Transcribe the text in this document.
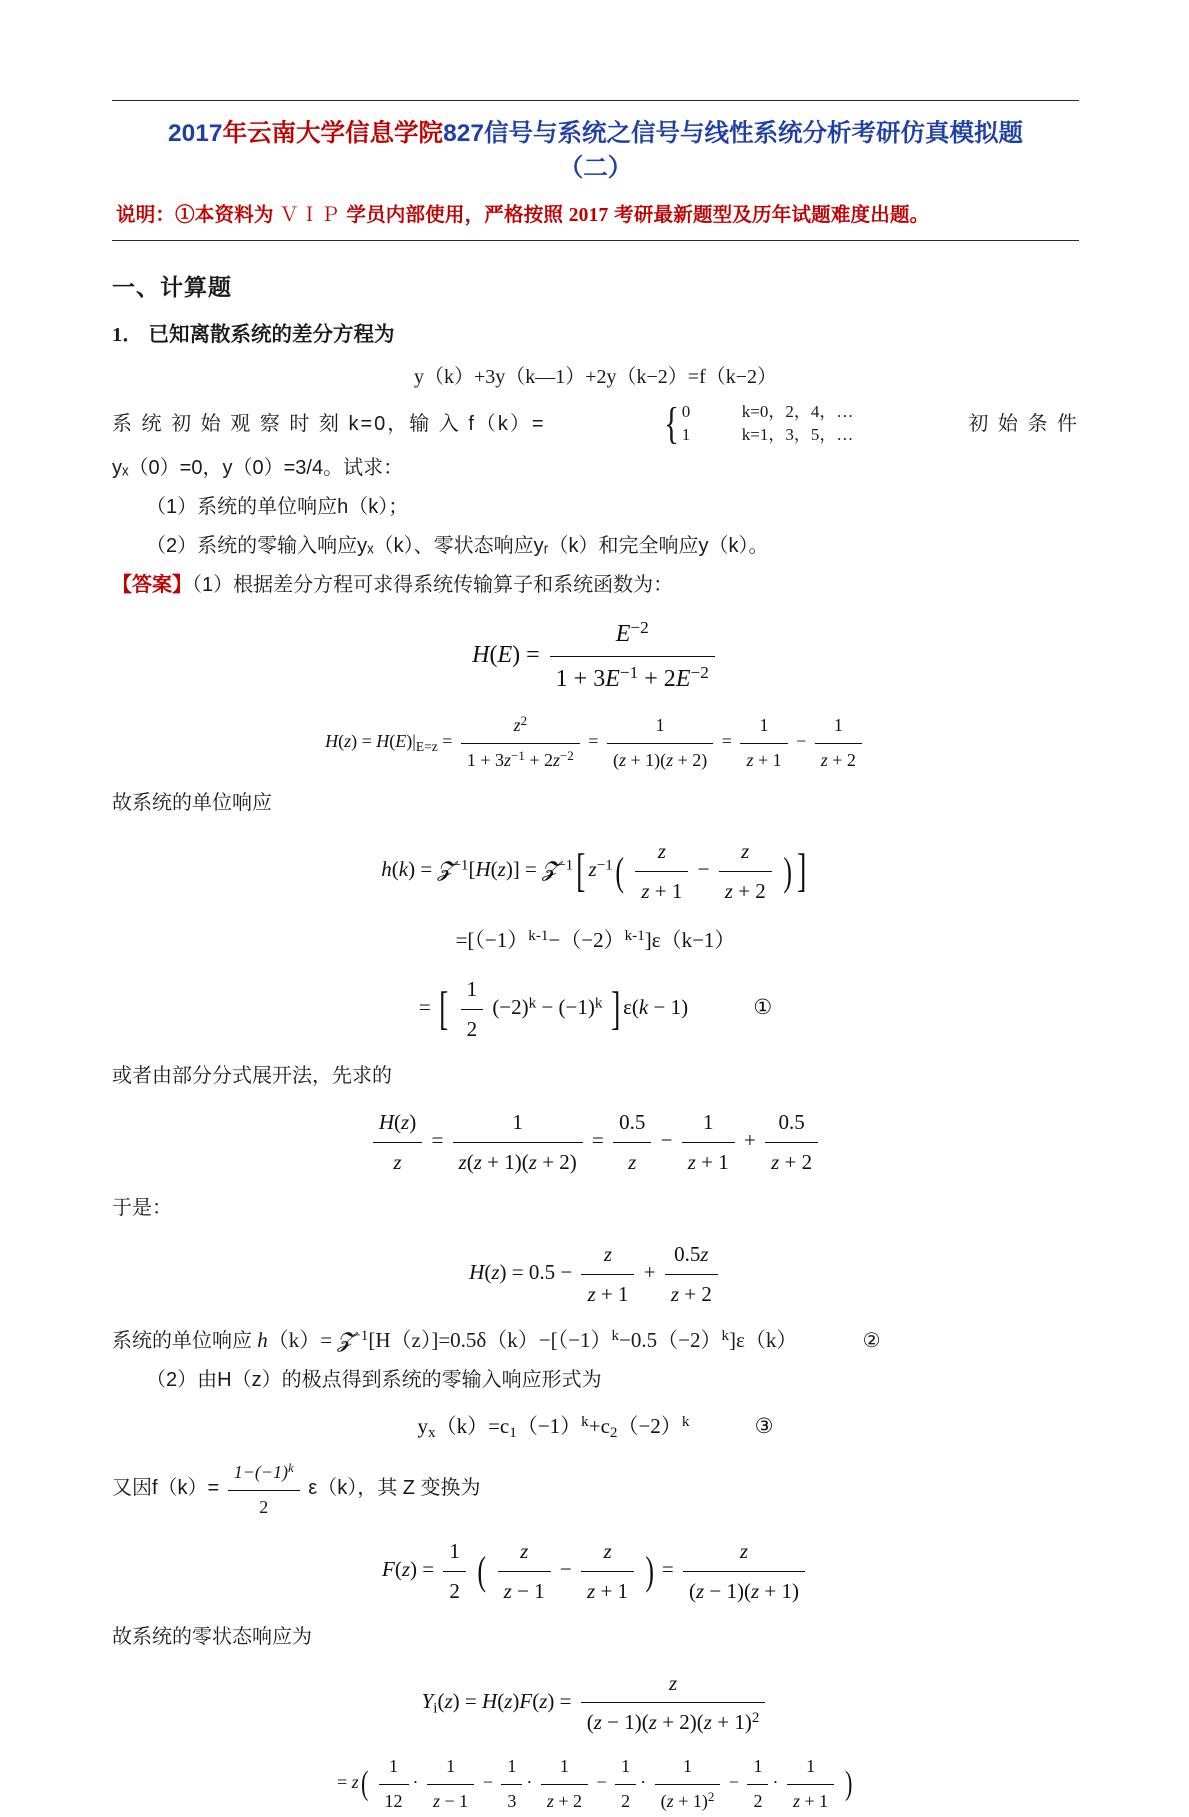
2017年云南大学信息学院827信号与系统之信号与线性系统分析考研仿真模拟题
（二）
说明：①本资料为 ＶＩＰ 学员内部使用，严格按照 2017 考研最新题型及历年试题难度出题。
一、计算题
1． 已知离散系统的差分方程为
y（k）+3y（k—1）+2y（k−2）=f（k−2）
系 统 初 始 观 察 时 刻 k=0，输 入 f（k）=	{ 0	k=0，2，4，…
1	k=1，3，5，…	初 始 条 件
yₓ（0）=0，y（0）=3/4。试求：
（1）系统的单位响应h（k）；
（2）系统的零输入响应yₓ（k）、零状态响应yᵣ（k）和完全响应y（k）。
【答案】（1）根据差分方程可求得系统传输算子和系统函数为：
$H(E) = \frac{E^{-2}}{1 + 3E^{-1} + 2E^{-2}}$
$H(z) = H(E)|_{E=z} = \frac{z^2}{1 + 3z^{-1} + 2z^{-2}} = \frac{1}{(z + 1)(z + 2)} = \frac{1}{z + 1} - \frac{1}{z + 2}$
故系统的单位响应
h(k) = 𝓩$^{-1}$[H(z)] = 𝓩$^{-1}$[ $z^{-1}( \frac{z}{z + 1} - \frac{z}{z + 2}$ ) ]
$=[(-1)^{k-1}-(-2)^{k-1}]\varepsilon(k-1)$
= [ $\frac{1}{2} (-2)^k - (-1)^k$ ] ε(k − 1)	①
或者由部分分式展开法，先求的
$\frac{H(z)}{z} = \frac{1}{z(z + 1)(z + 2)} = \frac{0.5}{z} - \frac{1}{z + 1} + \frac{0.5}{z + 2}$
于是：
$H(z) = 0.5 - \frac{z}{z + 1} + \frac{0.5z}{z + 2}$
系统的单位响应 $h(k)= 𝓩^{-1}[H(z)]=0.5\delta(k)-[(-1)^k-0.5(-2)^k]\varepsilon(k)$	②
（2）由H（z）的极点得到系统的零输入响应形式为
$y_x(k)=c_1(-1)^k+c_2(-2)^k$	③
又因$f(k)= \frac{1-(-1)^k}{2} \varepsilon(k)$，其 Z 变换为
$F(z) = \frac{1}{2}$ ( $\frac{z}{z - 1} - \frac{z}{z + 1}$ ) = $\frac{z}{(z - 1)(z + 1)}$
故系统的零状态响应为
$Y_i(z) = H(z)F(z) = \frac{z}{(z - 1)(z + 2)(z + 1)^2}$
= $z( \frac{1}{12} \cdot \frac{1}{z - 1} - \frac{1}{3} \cdot \frac{1}{z + 2} - \frac{1}{2} \cdot \frac{1}{(z + 1)^2} - \frac{1}{2} \cdot \frac{1}{z + 1}$ )
